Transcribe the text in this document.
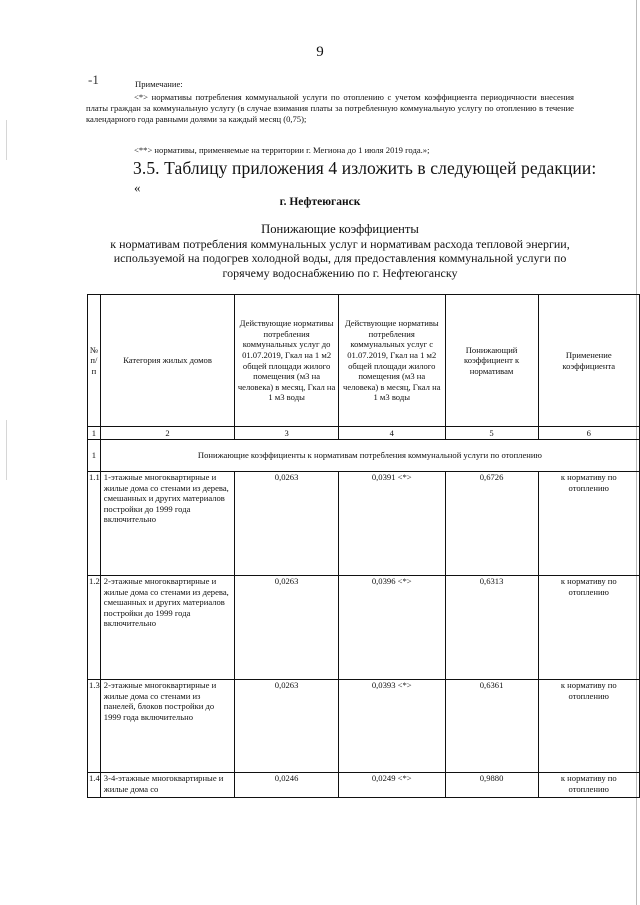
9
-1	Примечание:
<*> нормативы потребления коммунальной услуги по отоплению с учетом коэффициента периодичности внесения платы граждан за коммунальную услугу (в случае взимания платы за потребленную коммунальную услугу по отоплению в течение календарного года равными долями за каждый месяц (0,75);
<**> нормативы, применяемые на территории г. Мегиона до 1 июля 2019 года.»;
3.5. Таблицу приложения 4 изложить в следующей редакции:
«
г. Нефтеюганск
Понижающие коэффициенты
к нормативам потребления коммунальных услуг и нормативам расхода тепловой энергии, используемой на подогрев холодной воды, для предоставления коммунальной услуги по горячему водоснабжению по г. Нефтеюганску
№ п/п	Категория жилых домов	Действующие нормативы потребления коммунальных услуг до 01.07.2019, Гкал на 1 м2 общей площади жилого помещения (м3 на человека) в месяц, Гкал на 1 м3 воды	Действующие нормативы потребления коммунальных услуг с 01.07.2019, Гкал на 1 м2 общей площади жилого помещения (м3 на человека) в месяц, Гкал на 1 м3 воды	Понижающий коэффициент к нормативам	Применение коэффициента
1	2	3	4	5	6
1	Понижающие коэффициенты к нормативам потребления коммунальной услуги по отоплению				
1.1	1-этажные многоквартирные и жилые дома со стенами из дерева, смешанных и других материалов постройки до 1999 года включительно	0,0263	0,0391 <*>	0,6726	к нормативу по отоплению
1.2	2-этажные многоквартирные и жилые дома со стенами из дерева, смешанных и других материалов постройки до 1999 года включительно	0,0263	0,0396 <*>	0,6313	к нормативу по отоплению
1.3	2-этажные многоквартирные и жилые дома со стенами из панелей, блоков постройки до 1999 года включительно	0,0263	0,0393 <*>	0,6361	к нормативу по отоплению
1.4	3-4-этажные многоквартирные и жилые дома со	0,0246	0,0249 <*>	0,9880	к нормативу по отоплению
